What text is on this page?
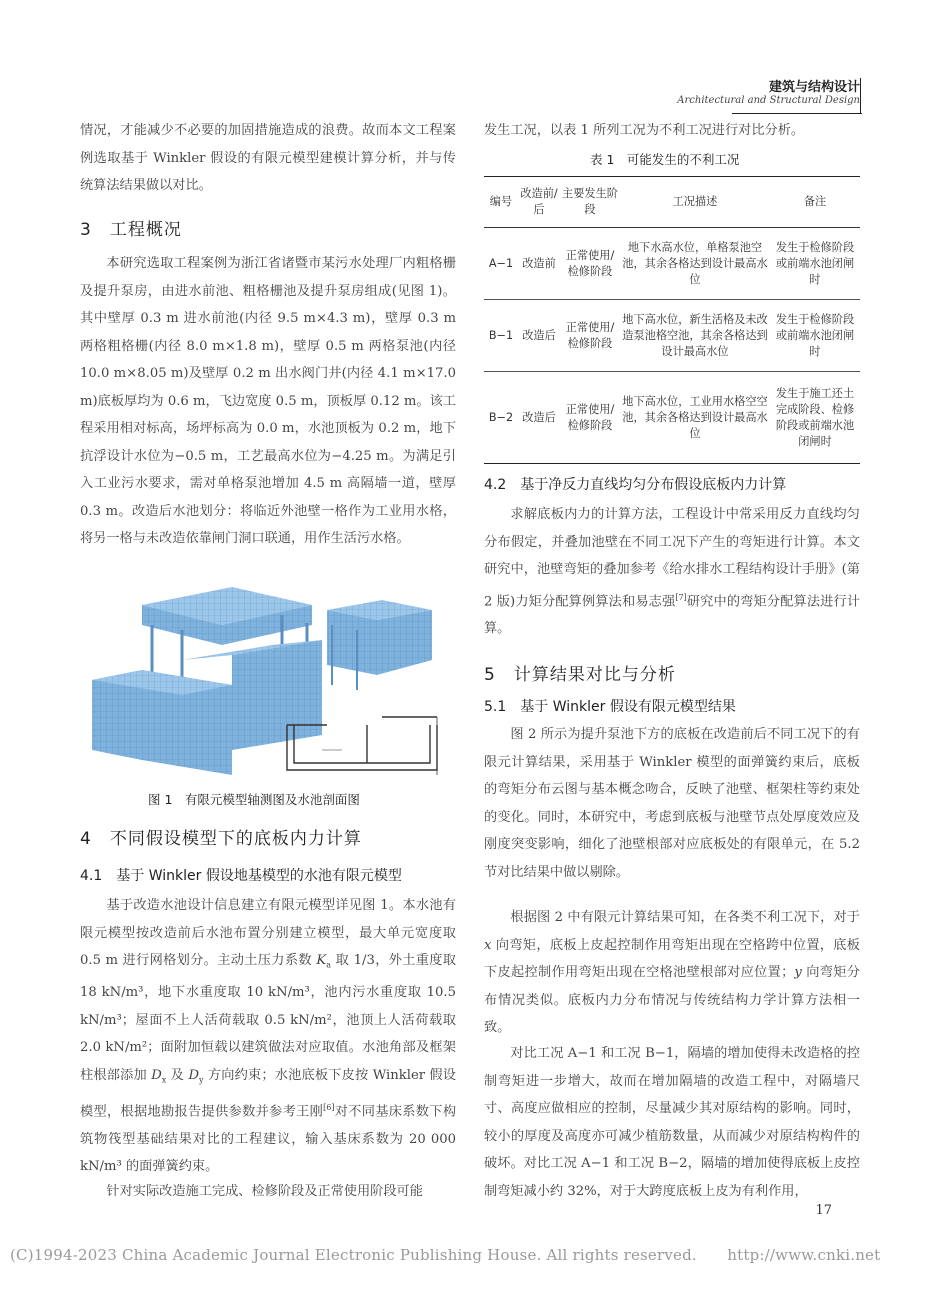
建筑与结构设计
Architectural and Structural Design

情况，才能减少不必要的加固措施造成的浪费。故而本文工程案例选取基于 Winkler 假设的有限元模型建模计算分析，并与传统算法结果做以对比。

3　工程概况

本研究选取工程案例为浙江省诸暨市某污水处理厂内粗格栅及提升泵房，由进水前池、粗格栅池及提升泵房组成(见图 1)。其中壁厚 0.3 m 进水前池(内径 9.5 m×4.3 m)，壁厚 0.3 m 两格粗格栅(内径 8.0 m×1.8 m)，壁厚 0.5 m 两格泵池(内径 10.0 m×8.05 m)及壁厚 0.2 m 出水阀门井(内径 4.1 m×17.0 m)底板厚均为 0.6 m，飞边宽度 0.5 m，顶板厚 0.12 m。该工程采用相对标高，场坪标高为 0.0 m，水池顶板为 0.2 m，地下抗浮设计水位为−0.5 m，工艺最高水位为−4.25 m。为满足引入工业污水要求，需对单格泵池增加 4.5 m 高隔墙一道，壁厚 0.3 m。改造后水池划分：将临近外池壁一格作为工业用水格，将另一格与未改造依靠闸门洞口联通，用作生活污水格。

图 1　有限元模型轴测图及水池剖面图
4　不同假设模型下的底板内力计算
4.1　基于 Winkler 假设地基模型的水池有限元模型

基于改造水池设计信息建立有限元模型详见图 1。本水池有限元模型按改造前后水池布置分别建立模型，最大单元宽度取 0.5 m 进行网格划分。主动土压力系数 $K_a$ 取 1/3，外土重度取 18 kN/m³，地下水重度取 10 kN/m³，池内污水重度取 10.5 kN/m³；屋面不上人活荷载取 0.5 kN/m²，池顶上人活荷载取 2.0 kN/m²；面附加恒载以建筑做法对应取值。水池角部及框架柱根部添加 $D_x$ 及 $D_y$ 方向约束；水池底板下皮按 Winkler 假设模型，根据地勘报告提供参数并参考王刚[6]对不同基床系数下构筑物筏型基础结果对比的工程建议，输入基床系数为 20 000 kN/m³ 的面弹簧约束。

针对实际改造施工完成、检修阶段及正常使用阶段可能

发生工况，以表 1 所列工况为不利工况进行对比分析。

表 1　可能发生的不利工况
编号	改造前/后	主要发生阶段	工况描述	备注
A−1	改造前	正常使用/检修阶段	地下水高水位，单格泵池空池，其余各格达到设计最高水位	发生于检修阶段或前端水池闭闸时
B−1	改造后	正常使用/检修阶段	地下高水位，新生活格及未改造泵池格空池，其余各格达到设计最高水位	发生于检修阶段或前端水池闭闸时
B−2	改造后	正常使用/检修阶段	地下高水位，工业用水格空空池，其余各格达到设计最高水位	发生于施工还土完成阶段、检修阶段或前端水池闭闸时
4.2　基于净反力直线均匀分布假设底板内力计算

求解底板内力的计算方法，工程设计中常采用反力直线均匀分布假定，并叠加池壁在不同工况下产生的弯矩进行计算。本文研究中，池壁弯矩的叠加参考《给水排水工程结构设计手册》(第 2 版)力矩分配算例算法和易志强[7]研究中的弯矩分配算法进行计算。

5　计算结果对比与分析
5.1　基于 Winkler 假设有限元模型结果

图 2 所示为提升泵池下方的底板在改造前后不同工况下的有限元计算结果，采用基于 Winkler 模型的面弹簧约束后，底板的弯矩分布云图与基本概念吻合，反映了池壁、框架柱等约束处的变化。同时，本研究中，考虑到底板与池壁节点处厚度效应及刚度突变影响，细化了池壁根部对应底板处的有限单元，在 5.2 节对比结果中做以剔除。

根据图 2 中有限元计算结果可知，在各类不利工况下，对于 x 向弯矩，底板上皮起控制作用弯矩出现在空格跨中位置，底板下皮起控制作用弯矩出现在空格池壁根部对应位置；y 向弯矩分布情况类似。底板内力分布情况与传统结构力学计算方法相一致。

对比工况 A−1 和工况 B−1，隔墙的增加使得未改造格的控制弯矩进一步增大，故而在增加隔墙的改造工程中，对隔墙尺寸、高度应做相应的控制，尽量减少其对原结构的影响。同时，较小的厚度及高度亦可减少植筋数量，从而减少对原结构构件的破坏。对比工况 A−1 和工况 B−2，隔墙的增加使得底板上皮控制弯矩减小约 32%，对于大跨度底板上皮为有利作用，

17
(C)1994-2023 China Academic Journal Electronic Publishing House. All rights reserved.　　http://www.cnki.net
